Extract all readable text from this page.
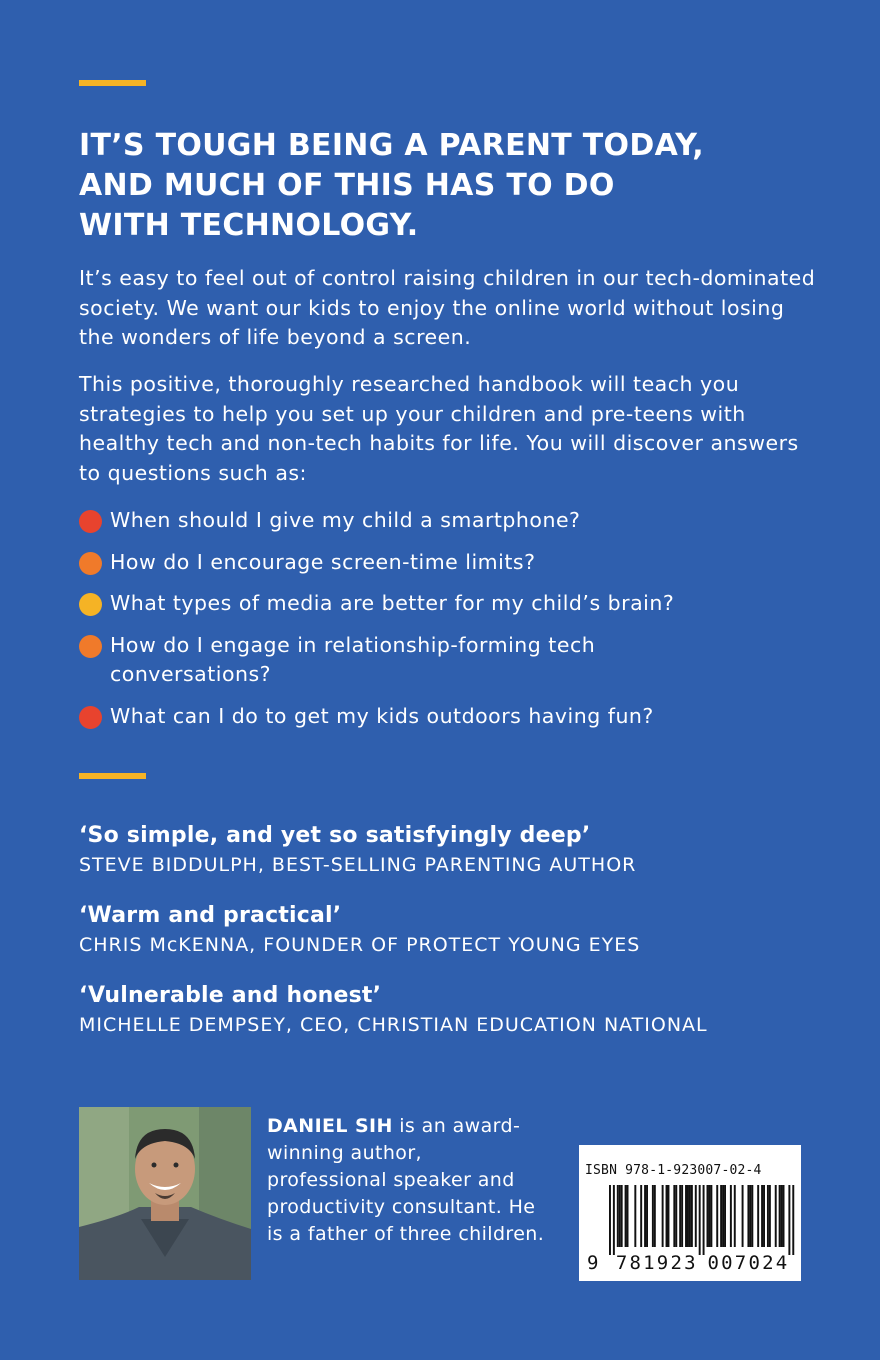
IT’S TOUGH BEING A PARENT TODAY,
AND MUCH OF THIS HAS TO DO
WITH TECHNOLOGY.

It’s easy to feel out of control raising children in our tech-dominated society. We want our kids to enjoy the online world without losing the wonders of life beyond a screen.

This positive, thoroughly researched handbook will teach you strategies to help you set up your children and pre-teens with healthy tech and non-tech habits for life. You will discover answers to questions such as:

When should I give my child a smartphone?
How do I encourage screen-time limits?
What types of media are better for my child’s brain?
How do I engage in relationship-forming tech conversations?
What can I do to get my kids outdoors having fun?
‘So simple, and yet so satisfyingly deep’
STEVE BIDDULPH, BEST-SELLING PARENTING AUTHOR
‘Warm and practical’
CHRIS McKENNA, FOUNDER OF PROTECT YOUNG EYES
‘Vulnerable and honest’
MICHELLE DEMPSEY, CEO, CHRISTIAN EDUCATION NATIONAL

DANIEL SIH is an award-winning author, professional speaker and productivity consultant. He is a father of three children.

ISBN 978-1-923007-02-4
9 7 8 1 9 2 3 0 0 7 0 2 4
